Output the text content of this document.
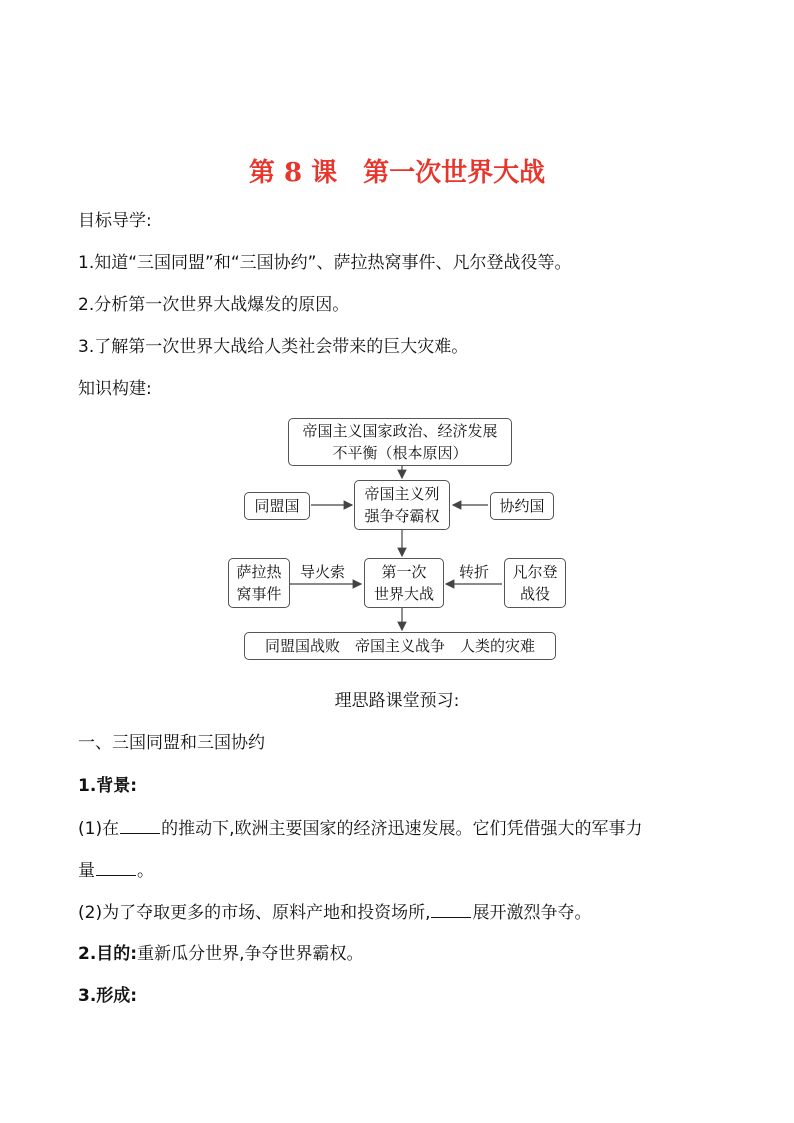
第 8 课　第一次世界大战
目标导学:
1.知道“三国同盟”和“三国协约”、萨拉热窝事件、凡尔登战役等。
2.分析第一次世界大战爆发的原因。
3.了解第一次世界大战给人类社会带来的巨大灾难。
知识构建:
帝国主义国家政治、经济发展
不平衡（根本原因）
同盟国
帝国主义列
强争夺霸权
协约国
萨拉热
窝事件
导火索 第一次
世界大战
转折 凡尔登
战役
同盟国战败　帝国主义战争　人类的灾难
理思路课堂预习:
一、三国同盟和三国协约
1.背景:
(1)在 的推动下,欧洲主要国家的经济迅速发展。它们凭借强大的军事力
量 。
(2)为了夺取更多的市场、原料产地和投资场所, 展开激烈争夺。
2.目的:重新瓜分世界,争夺世界霸权。
3.形成:
